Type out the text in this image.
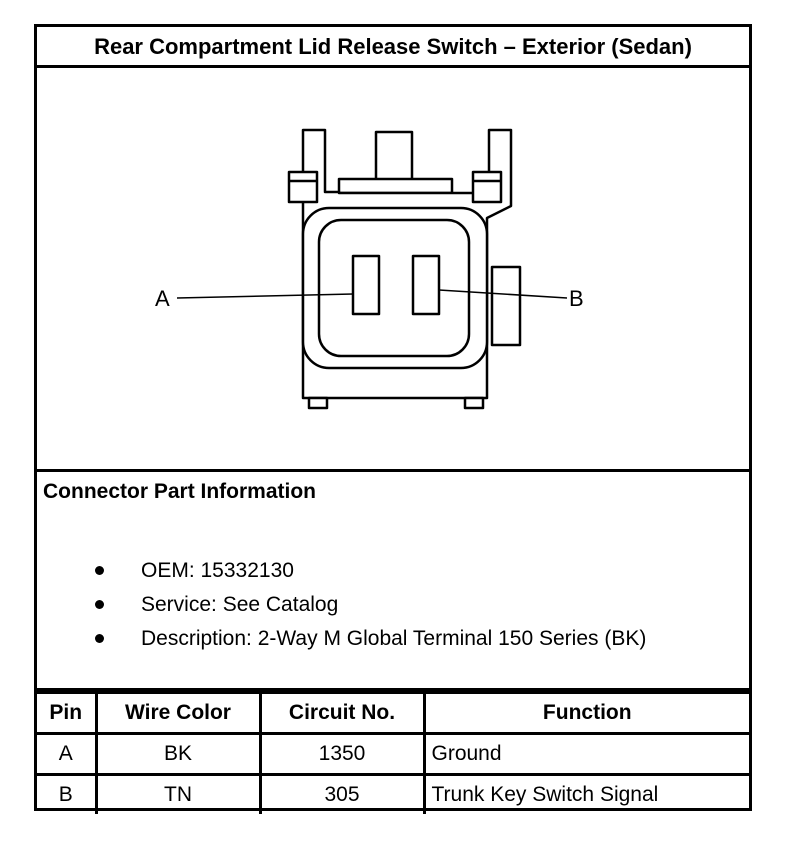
Rear Compartment Lid Release Switch – Exterior (Sedan)
A	B
Connector Part Information
OEM: 15332130
Service: See Catalog
Description: 2-Way M Global Terminal 150 Series (BK)
Pin	Wire Color	Circuit No.	Function
A	BK	1350	Ground
B	TN	305	Trunk Key Switch Signal
